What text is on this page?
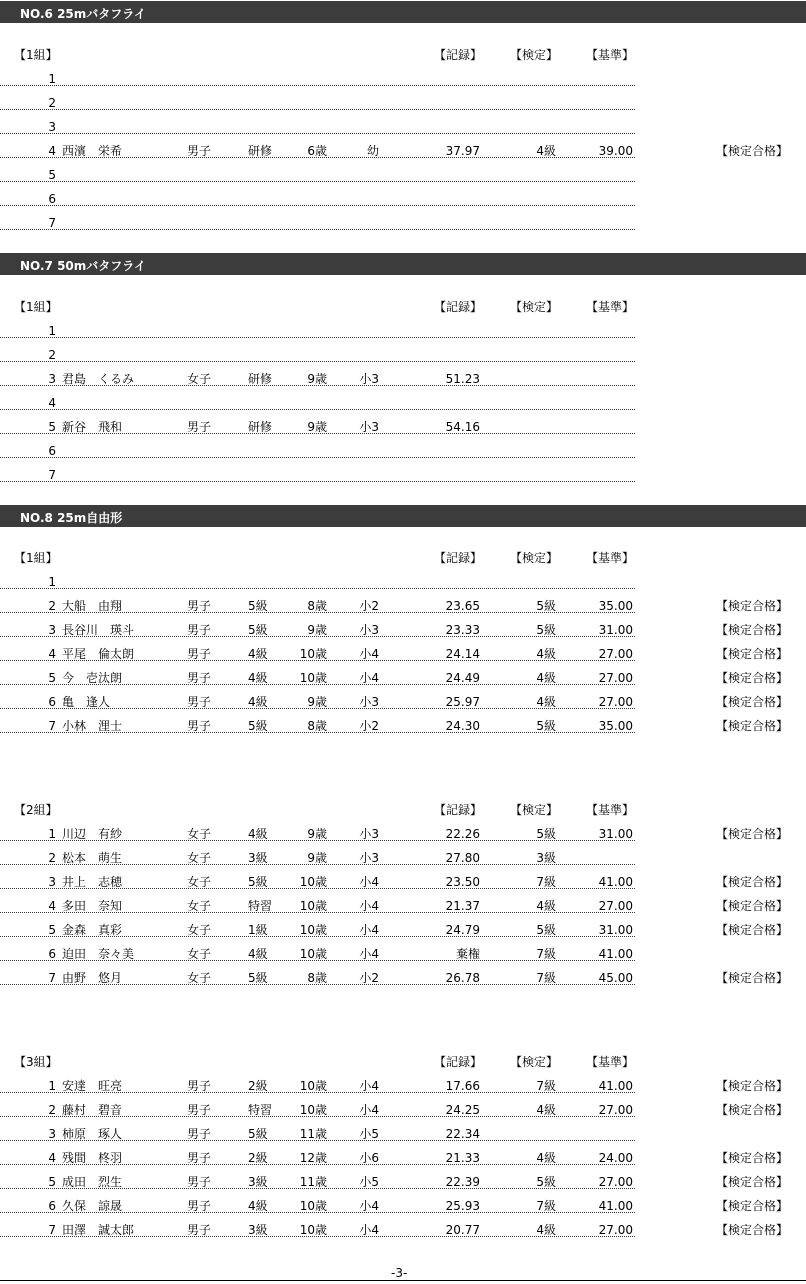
NO.6 25mバタフライ
【1組】	【記録】 【検定】 【基準】
1
2
3
4 西濱　栄希	男子	研修	6歳	幼	37.97	4級	39.00	【検定合格】
5
6
7
NO.7 50mバタフライ
【1組】	【記録】 【検定】 【基準】
1
2
3 君島　くるみ	女子	研修	9歳	小3	51.23
4
5 新谷　飛和	男子	研修	9歳	小3	54.16
6
7
NO.8 25m自由形
【1組】	【記録】 【検定】 【基準】
1
2 大船　由翔	男子	5級	8歳	小2	23.65	5級	35.00	【検定合格】
3 長谷川　瑛斗	男子	5級	9歳	小3	23.33	5級	31.00	【検定合格】
4 平尾　倫太朗	男子	4級	10歳	小4	24.14	4級	27.00	【検定合格】
5 今　壱汰朗	男子	4級	10歳	小4	24.49	4級	27.00	【検定合格】
6 亀　逢人	男子	4級	9歳	小3	25.97	4級	27.00	【検定合格】
7 小林　浬士	男子	5級	8歳	小2	24.30	5級	35.00	【検定合格】
【2組】	【記録】 【検定】 【基準】
1 川辺　有紗	女子	4級	9歳	小3	22.26	5級	31.00	【検定合格】
2 松本　萌生	女子	3級	9歳	小3	27.80	3級
3 井上　志穂	女子	5級	10歳	小4	23.50	7級	41.00	【検定合格】
4 多田　奈知	女子	特習 10歳	小4	21.37	4級	27.00	【検定合格】
5 金森　真彩	女子	1級	10歳	小4	24.79	5級	31.00	【検定合格】
6 迫田　奈々美	女子	4級	10歳	小4	棄権	7級	41.00
7 由野　悠月	女子	5級	8歳	小2	26.78	7級	45.00	【検定合格】
【3組】	【記録】 【検定】 【基準】
1 安達　旺亮	男子	2級	10歳	小4	17.66	7級	41.00	【検定合格】
2 藤村　碧音	男子	特習 10歳	小4	24.25	4級	27.00	【検定合格】
3 柿原　琢人	男子	5級	11歳	小5	22.34
4 残間　柊羽	男子	2級	12歳	小6	21.33	4級	24.00	【検定合格】
5 成田　烈生	男子	3級	11歳	小5	22.39	5級	27.00	【検定合格】
6 久保　諒晟	男子	4級	10歳	小4	25.93	7級	41.00	【検定合格】
7 田澤　誠太郎	男子	3級	10歳	小4	20.77	4級	27.00	【検定合格】
-3-
